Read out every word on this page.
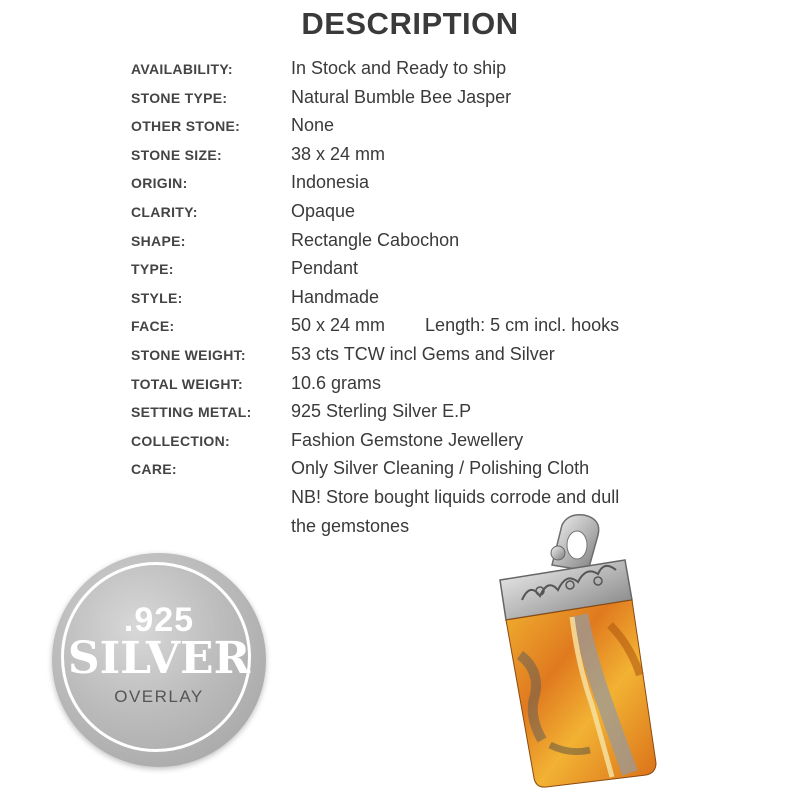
DESCRIPTION
AVAILABILITY:	In Stock and Ready to ship
STONE TYPE:	Natural Bumble Bee Jasper
OTHER STONE:	None
STONE SIZE:	38 x 24 mm
ORIGIN:	Indonesia
CLARITY:	Opaque
SHAPE:	Rectangle Cabochon
TYPE:	Pendant
STYLE:	Handmade
FACE:	50 x 24 mm Length: 5 cm incl. hooks
STONE WEIGHT:	53 cts TCW incl Gems and Silver
TOTAL WEIGHT:	10.6 grams
SETTING METAL:	925 Sterling Silver E.P
COLLECTION:	Fashion Gemstone Jewellery
CARE:	Only Silver Cleaning / Polishing Cloth
NB! Store bought liquids corrode and dull
the gemstones
.925
SILVER
OVERLAY
